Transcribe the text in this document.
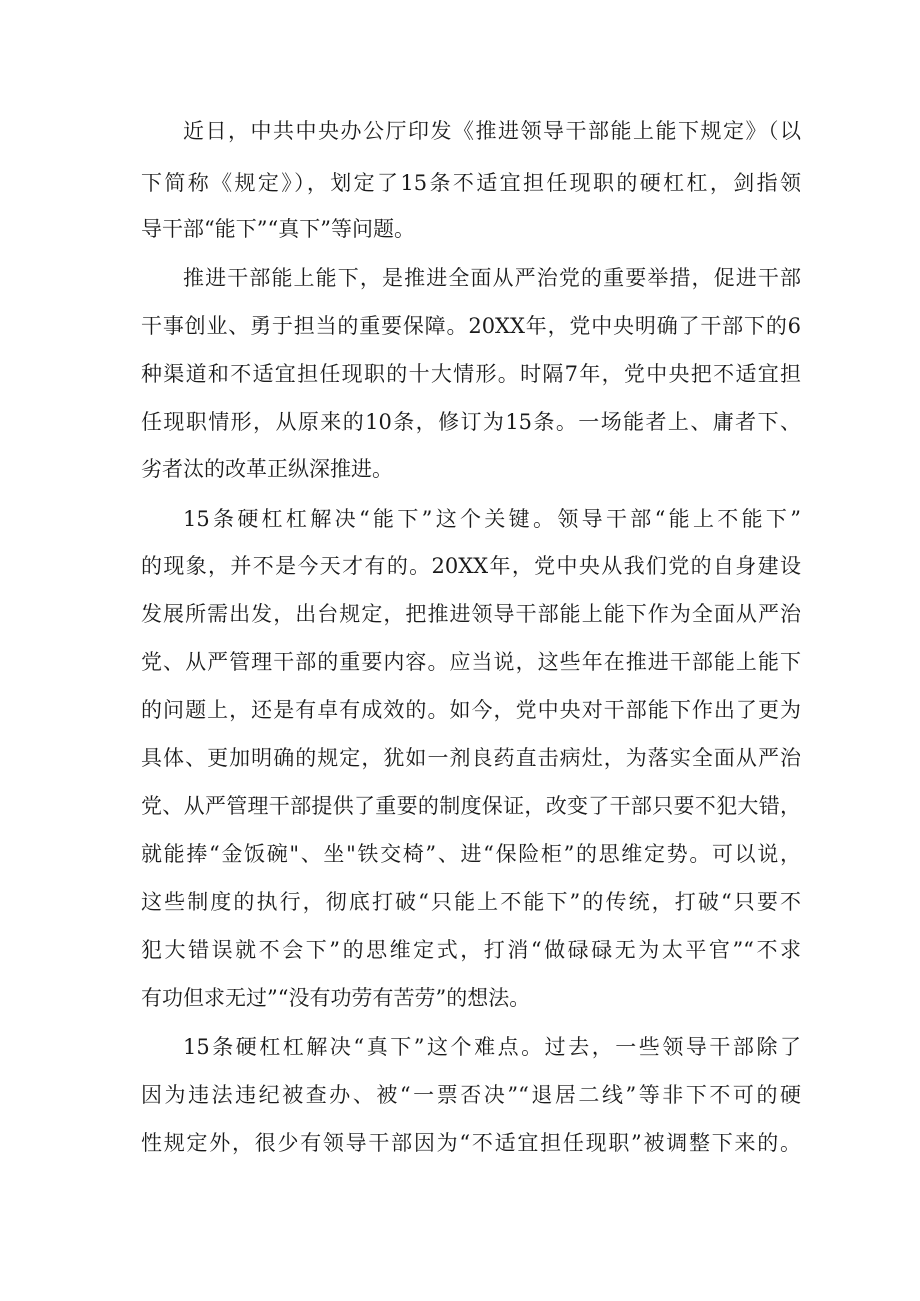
近日，中共中央办公厅印发《推进领导干部能上能下规定》（以
下简称《规定》），划定了15条不适宜担任现职的硬杠杠，剑指领
导干部“能下”“真下”等问题。
推进干部能上能下，是推进全面从严治党的重要举措，促进干部
干事创业、勇于担当的重要保障。20XX年，党中央明确了干部下的6
种渠道和不适宜担任现职的十大情形。时隔7年，党中央把不适宜担
任现职情形，从原来的10条，修订为15条。一场能者上、庸者下、
劣者汰的改革正纵深推进。
15条硬杠杠解决“能下”这个关键。领导干部“能上不能下”
的现象，并不是今天才有的。20XX年，党中央从我们党的自身建设
发展所需出发，出台规定，把推进领导干部能上能下作为全面从严治
党、从严管理干部的重要内容。应当说，这些年在推进干部能上能下
的问题上，还是有卓有成效的。如今，党中央对干部能下作出了更为
具体、更加明确的规定，犹如一剂良药直击病灶，为落实全面从严治
党、从严管理干部提供了重要的制度保证，改变了干部只要不犯大错，
就能捧“金饭碗"、坐"铁交椅”、进“保险柜”的思维定势。可以说，
这些制度的执行，彻底打破“只能上不能下”的传统，打破“只要不
犯大错误就不会下”的思维定式，打消“做碌碌无为太平官”“不求
有功但求无过”“没有功劳有苦劳”的想法。
15条硬杠杠解决“真下”这个难点。过去，一些领导干部除了
因为违法违纪被查办、被“一票否决”“退居二线”等非下不可的硬
性规定外，很少有领导干部因为“不适宜担任现职”被调整下来的。
